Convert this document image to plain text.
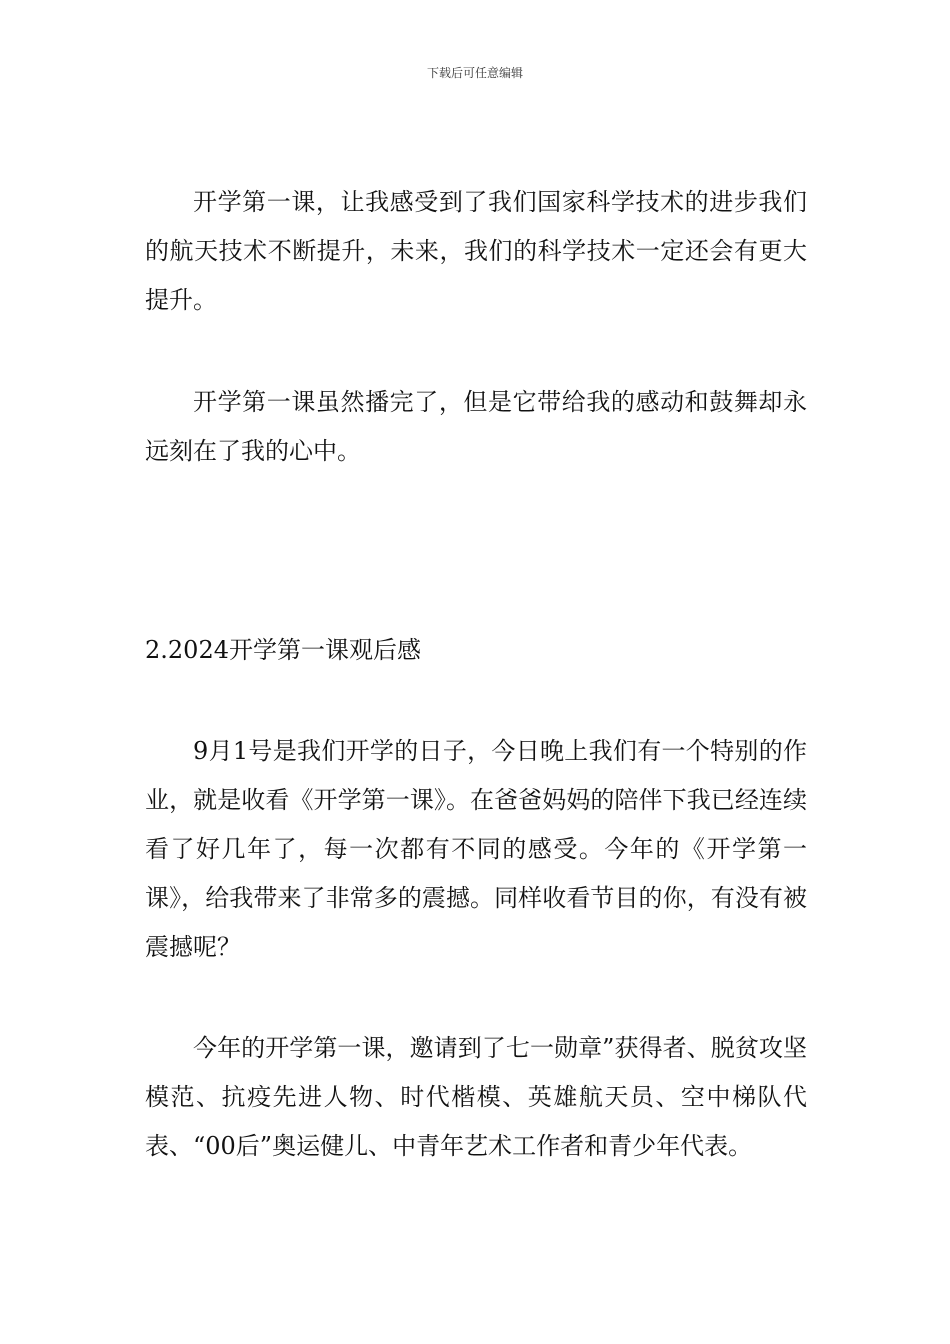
下载后可任意编辑

开学第一课，让我感受到了我们国家科学技术的进步我们的航天技术不断提升，未来，我们的科学技术一定还会有更大提升。

开学第一课虽然播完了，但是它带给我的感动和鼓舞却永远刻在了我的心中。

2.2024开学第一课观后感

9月1号是我们开学的日子，今日晚上我们有一个特别的作业，就是收看《开学第一课》。在爸爸妈妈的陪伴下我已经连续看了好几年了，每一次都有不同的感受。今年的《开学第一课》，给我带来了非常多的震撼。同样收看节目的你，有没有被震撼呢？

今年的开学第一课，邀请到了七一勋章”获得者、脱贫攻坚模范、抗疫先进人物、时代楷模、英雄航天员、空中梯队代表、“00后”奥运健儿、中青年艺术工作者和青少年代表。
